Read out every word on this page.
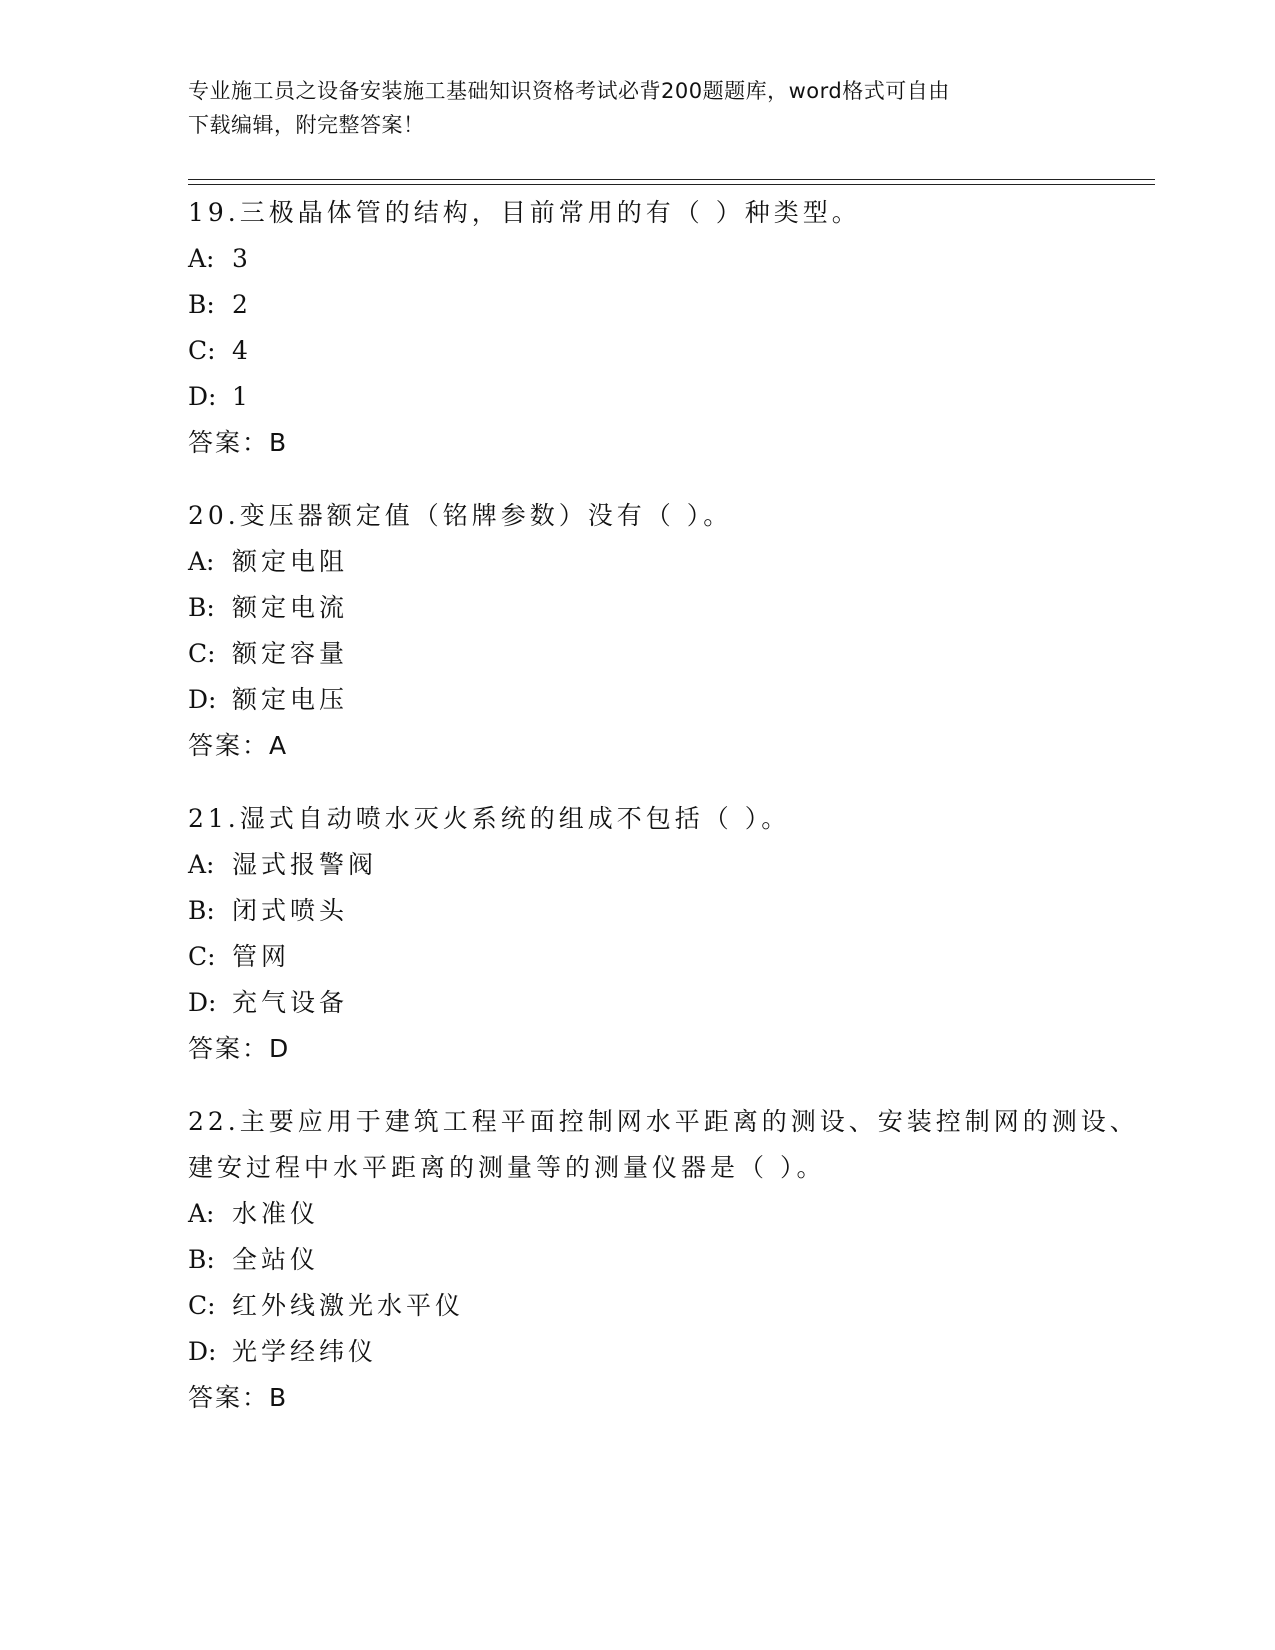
专业施工员之设备安装施工基础知识资格考试必背200题题库，word格式可自由
下载编辑，附完整答案！

19.三极晶体管的结构，目前常用的有（ ）种类型。

A: 3
B: 2
C: 4
D: 1
答案：B

20.变压器额定值（铭牌参数）没有（ ）。

A: 额定电阻
B: 额定电流
C: 额定容量
D: 额定电压
答案：A

21.湿式自动喷水灭火系统的组成不包括（ ）。

A: 湿式报警阀
B: 闭式喷头
C: 管网
D: 充气设备
答案：D

22.主要应用于建筑工程平面控制网水平距离的测设、安装控制网的测设、建安过程中水平距离的测量等的测量仪器是（ ）。

A: 水准仪
B: 全站仪
C: 红外线激光水平仪
D: 光学经纬仪
答案：B
